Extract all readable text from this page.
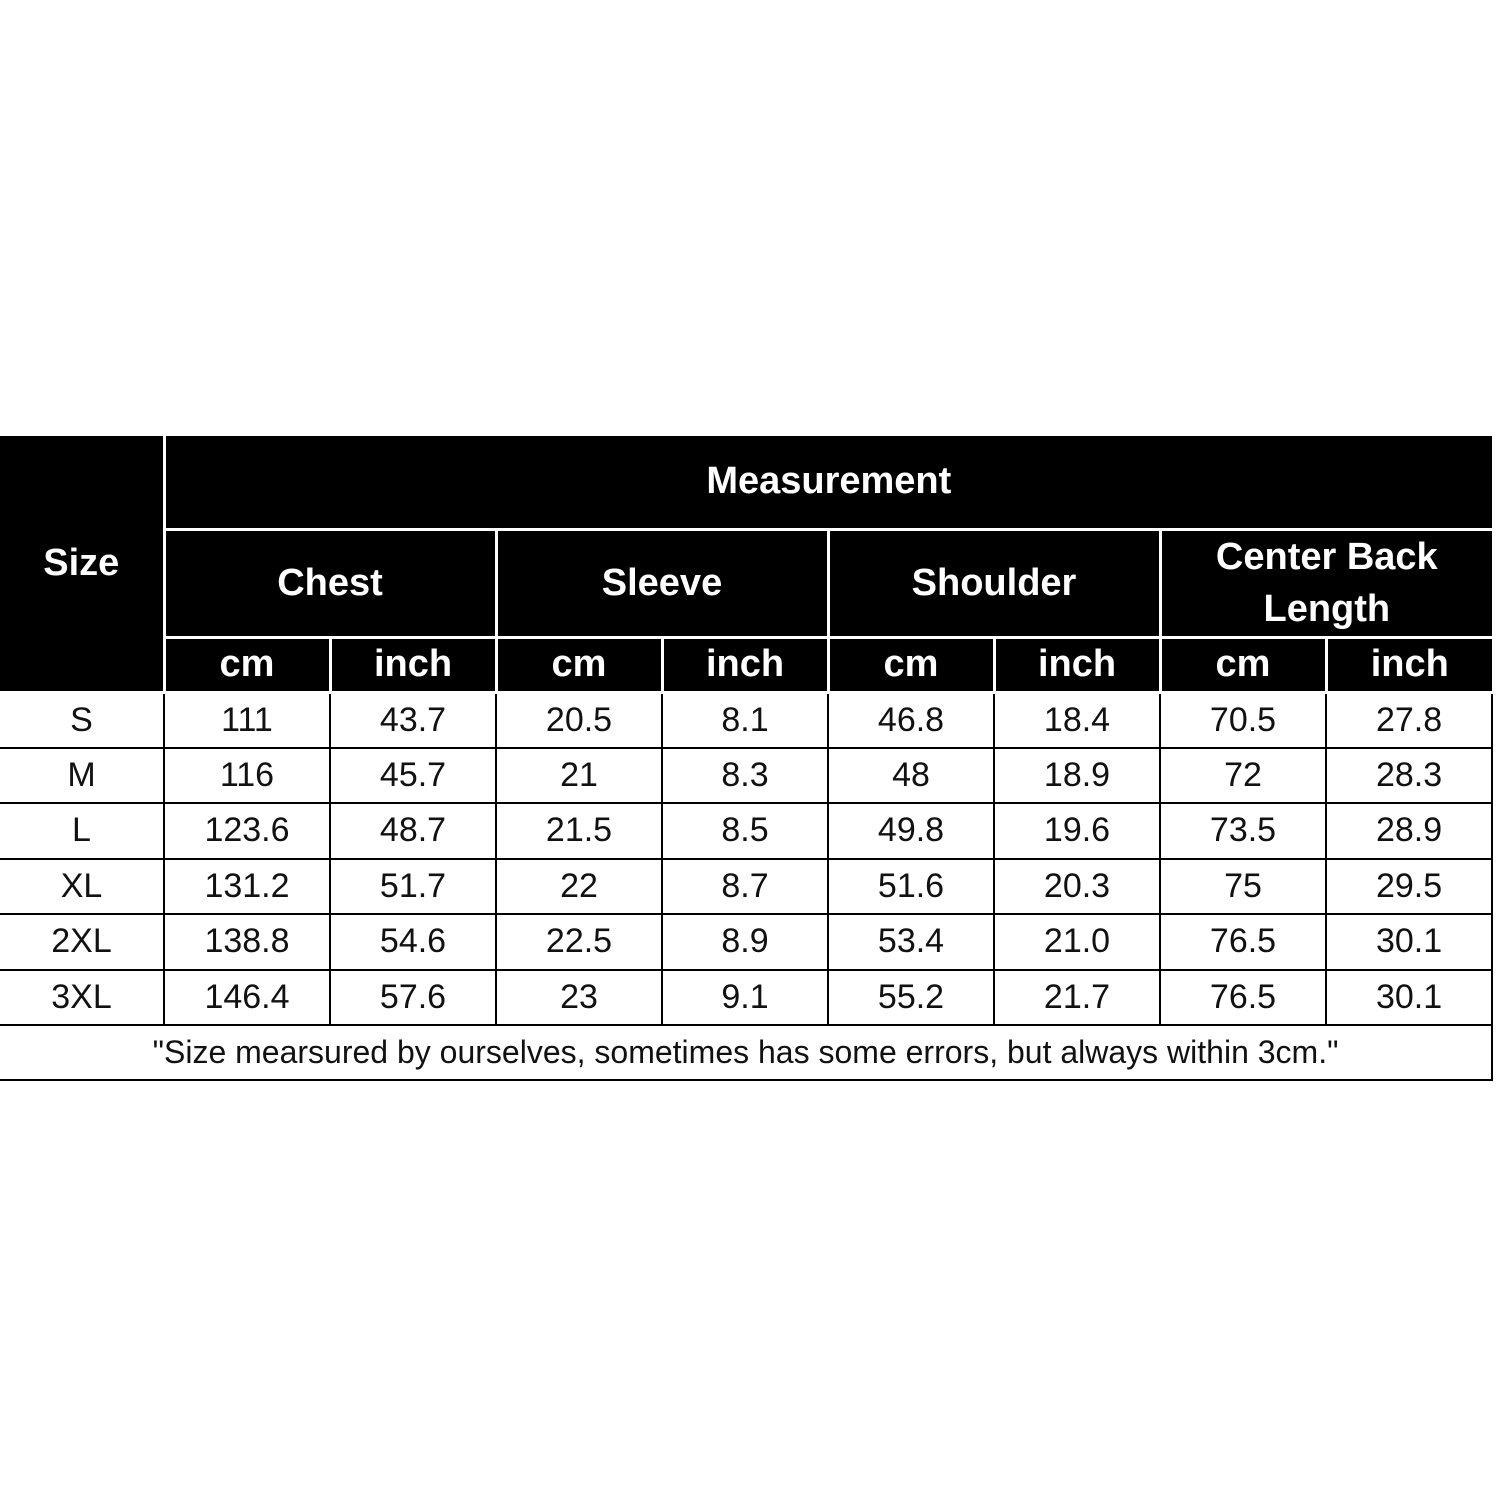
Size	Measurement							
	Chest		Sleeve		Shoulder		Center Back Length	
	cm	inch	cm	inch	cm	inch	cm	inch
S	111	43.7	20.5	8.1	46.8	18.4	70.5	27.8
M	116	45.7	21	8.3	48	18.9	72	28.3
L	123.6	48.7	21.5	8.5	49.8	19.6	73.5	28.9
XL	131.2	51.7	22	8.7	51.6	20.3	75	29.5
2XL	138.8	54.6	22.5	8.9	53.4	21.0	76.5	30.1
3XL	146.4	57.6	23	9.1	55.2	21.7	76.5	30.1
"Size mearsured by ourselves, sometimes has some errors, but always within 3cm."								
